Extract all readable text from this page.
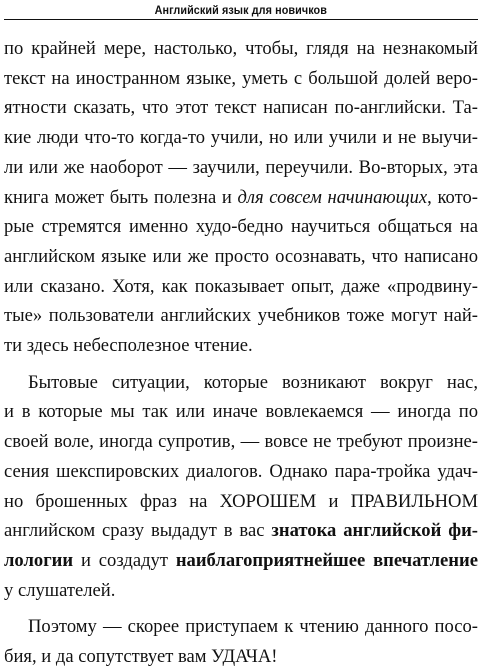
Английский язык для новичков

по крайней мере, настолько, чтобы, глядя на незнакомый
текст на иностранном языке, уметь с большой долей веро-
ятности сказать, что этот текст написан по-английски. Та-
кие люди что-то когда-то учили, но или учили и не выучи-
ли или же наоборот — заучили, переучили. Во-вторых, эта
книга может быть полезна и для совсем начинающих, кото-
рые стремятся именно худо-бедно научиться общаться на
английском языке или же просто осознавать, что написано
или сказано. Хотя, как показывает опыт, даже «продвину-
тые» пользователи английских учебников тоже могут най-
ти здесь небесполезное чтение.

Бытовые ситуации, которые возникают вокруг нас,
и в которые мы так или иначе вовлекаемся — иногда по
своей воле, иногда супротив, — вовсе не требуют произне-
сения шекспировских диалогов. Однако пара-тройка удач-
но брошенных фраз на ХОРОШЕМ и ПРАВИЛЬНОМ
английском сразу выдадут в вас знатока английской фи-
лологии и создадут наиблагоприятнейшее впечатление
у слушателей.

Поэтому — скорее приступаем к чтению данного посо-
бия, и да сопутствует вам УДАЧА!
